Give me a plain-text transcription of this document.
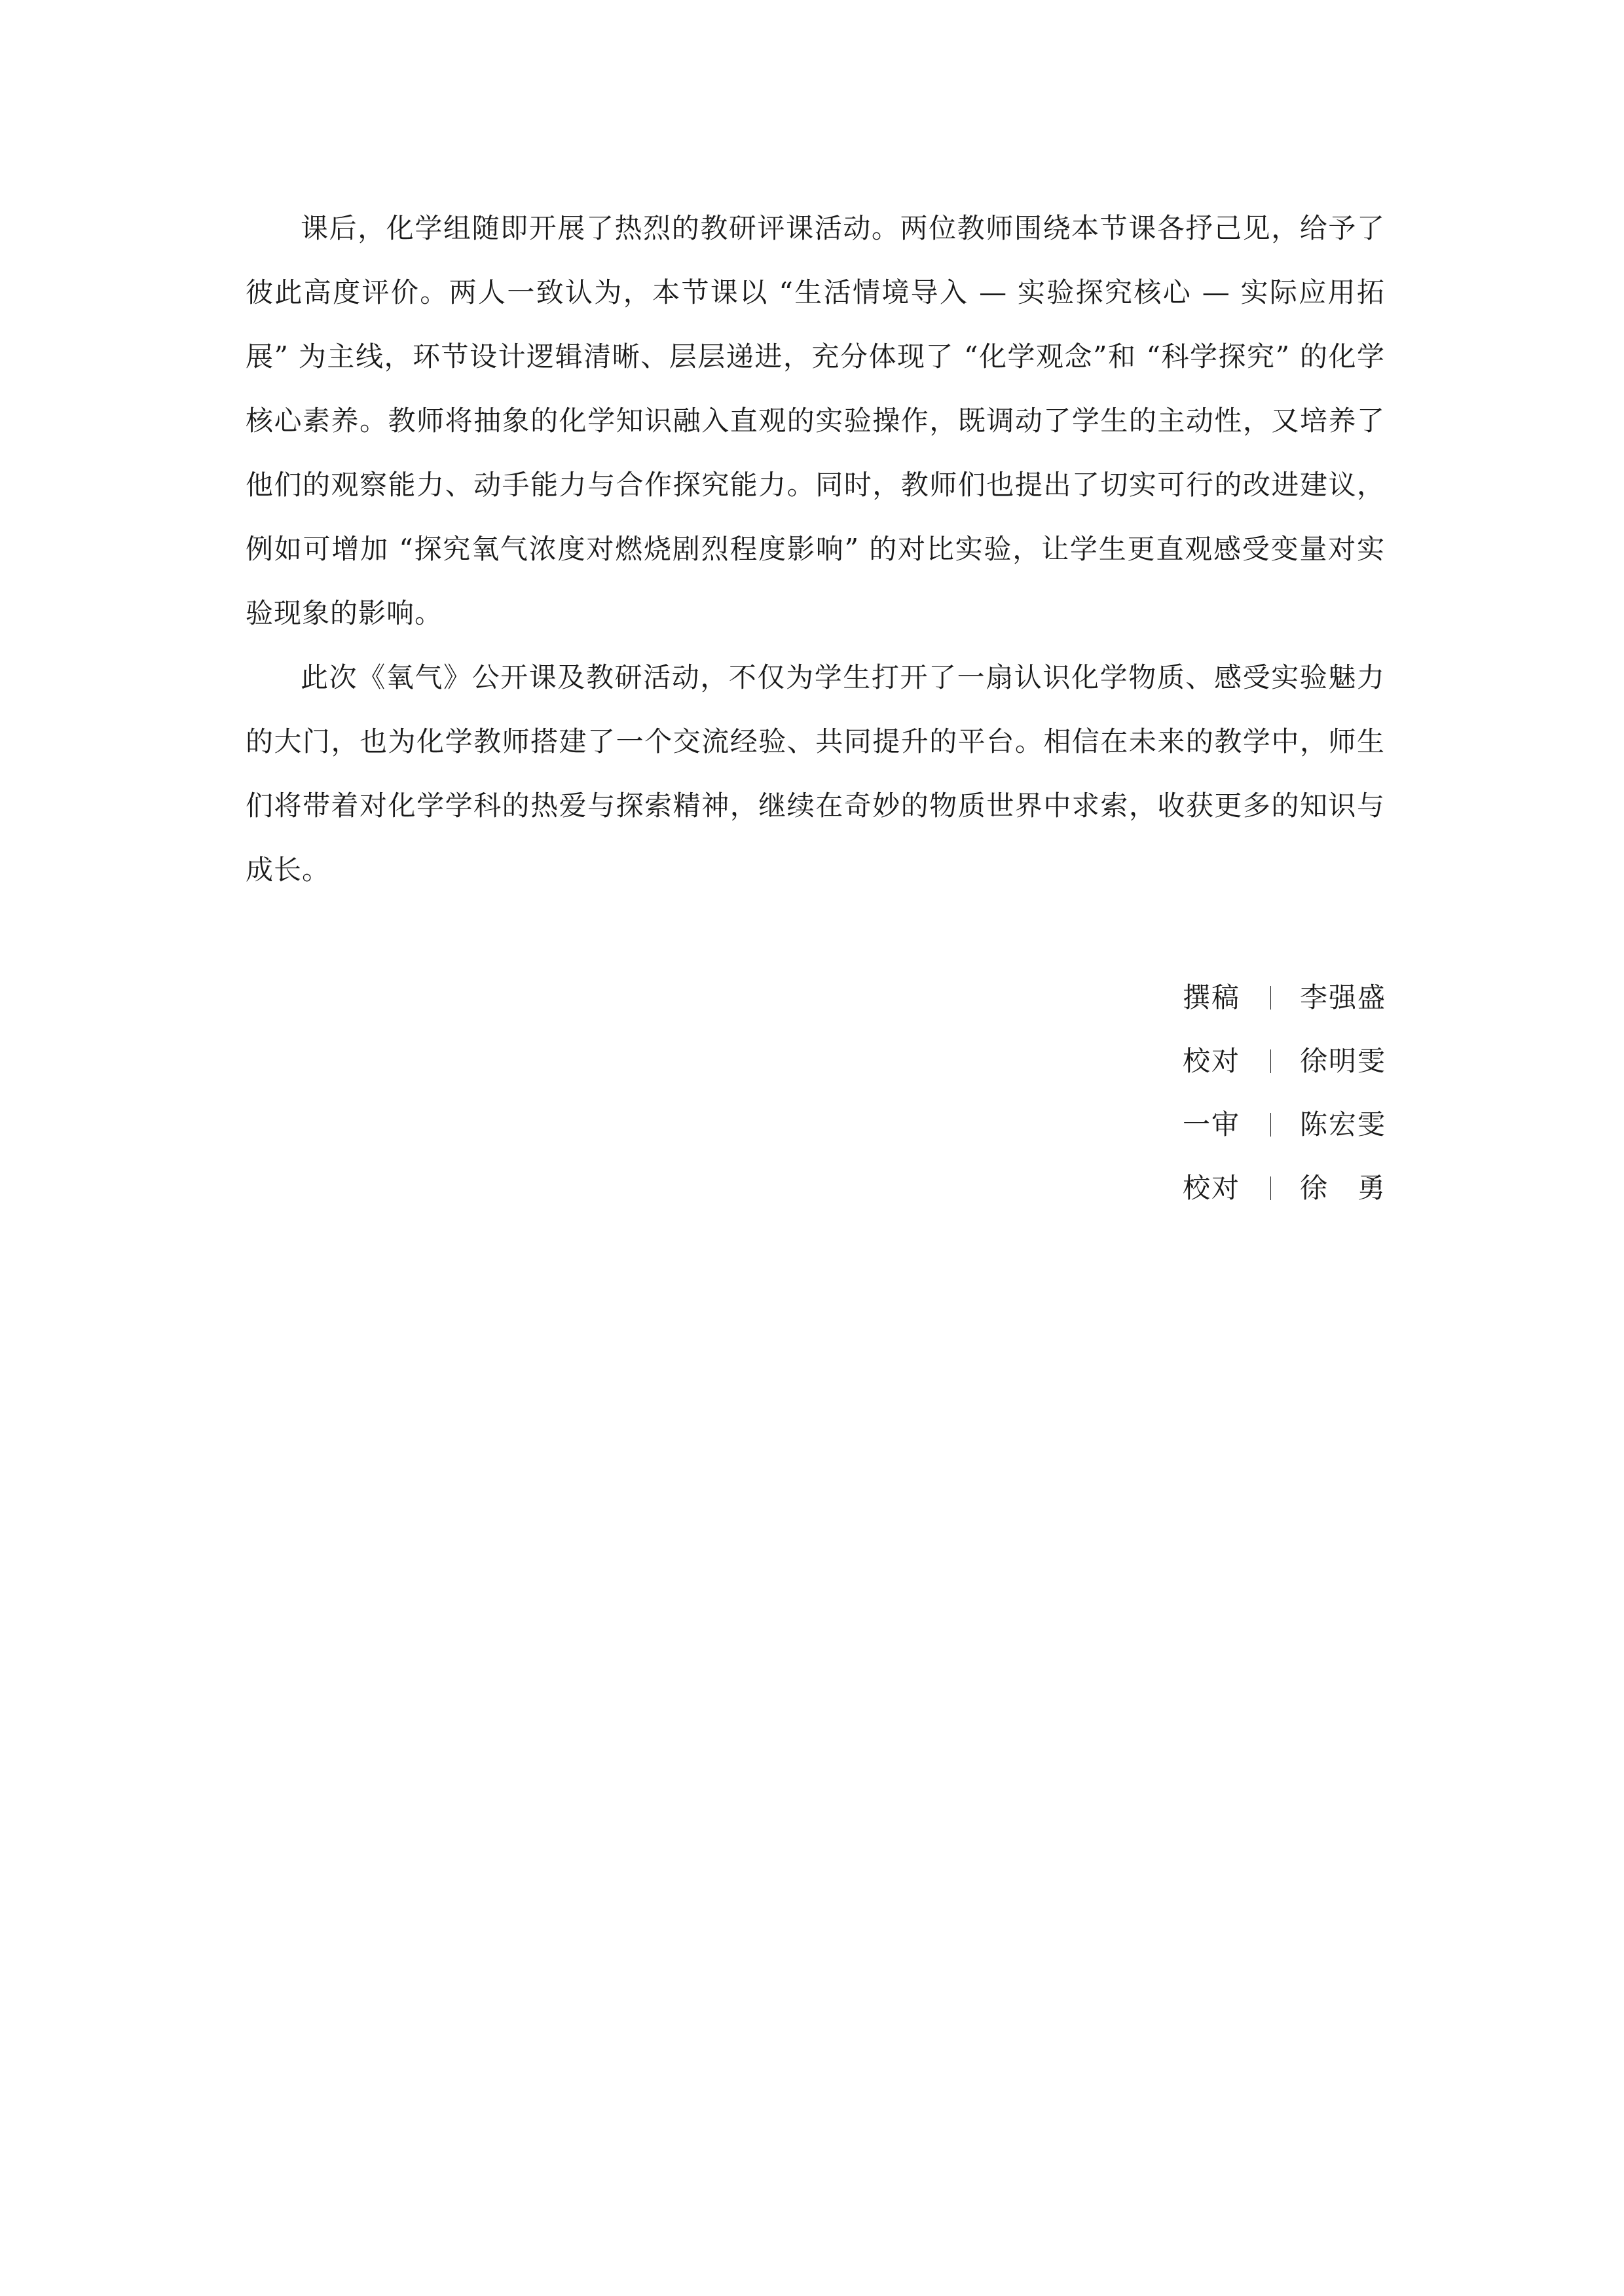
课后，化学组随即开展了热烈的教研评课活动。两位教师围绕本节课各抒己见，给予了彼此高度评价。两人一致认为，本节课以 “生活情境导入 — 实验探究核心 — 实际应用拓展” 为主线，环节设计逻辑清晰、层层递进，充分体现了 “化学观念”和 “科学探究” 的化学核心素养。教师将抽象的化学知识融入直观的实验操作，既调动了学生的主动性，又培养了他们的观察能力、动手能力与合作探究能力。同时，教师们也提出了切实可行的改进建议，例如可增加 “探究氧气浓度对燃烧剧烈程度影响” 的对比实验，让学生更直观感受变量对实验现象的影响。

此次《氧气》公开课及教研活动，不仅为学生打开了一扇认识化学物质、感受实验魅力的大门，也为化学教师搭建了一个交流经验、共同提升的平台。相信在未来的教学中，师生们将带着对化学学科的热爱与探索精神，继续在奇妙的物质世界中求索，收获更多的知识与成长。

撰稿 李强盛
校对 徐明雯
一审 陈宏雯
校对 徐 勇
